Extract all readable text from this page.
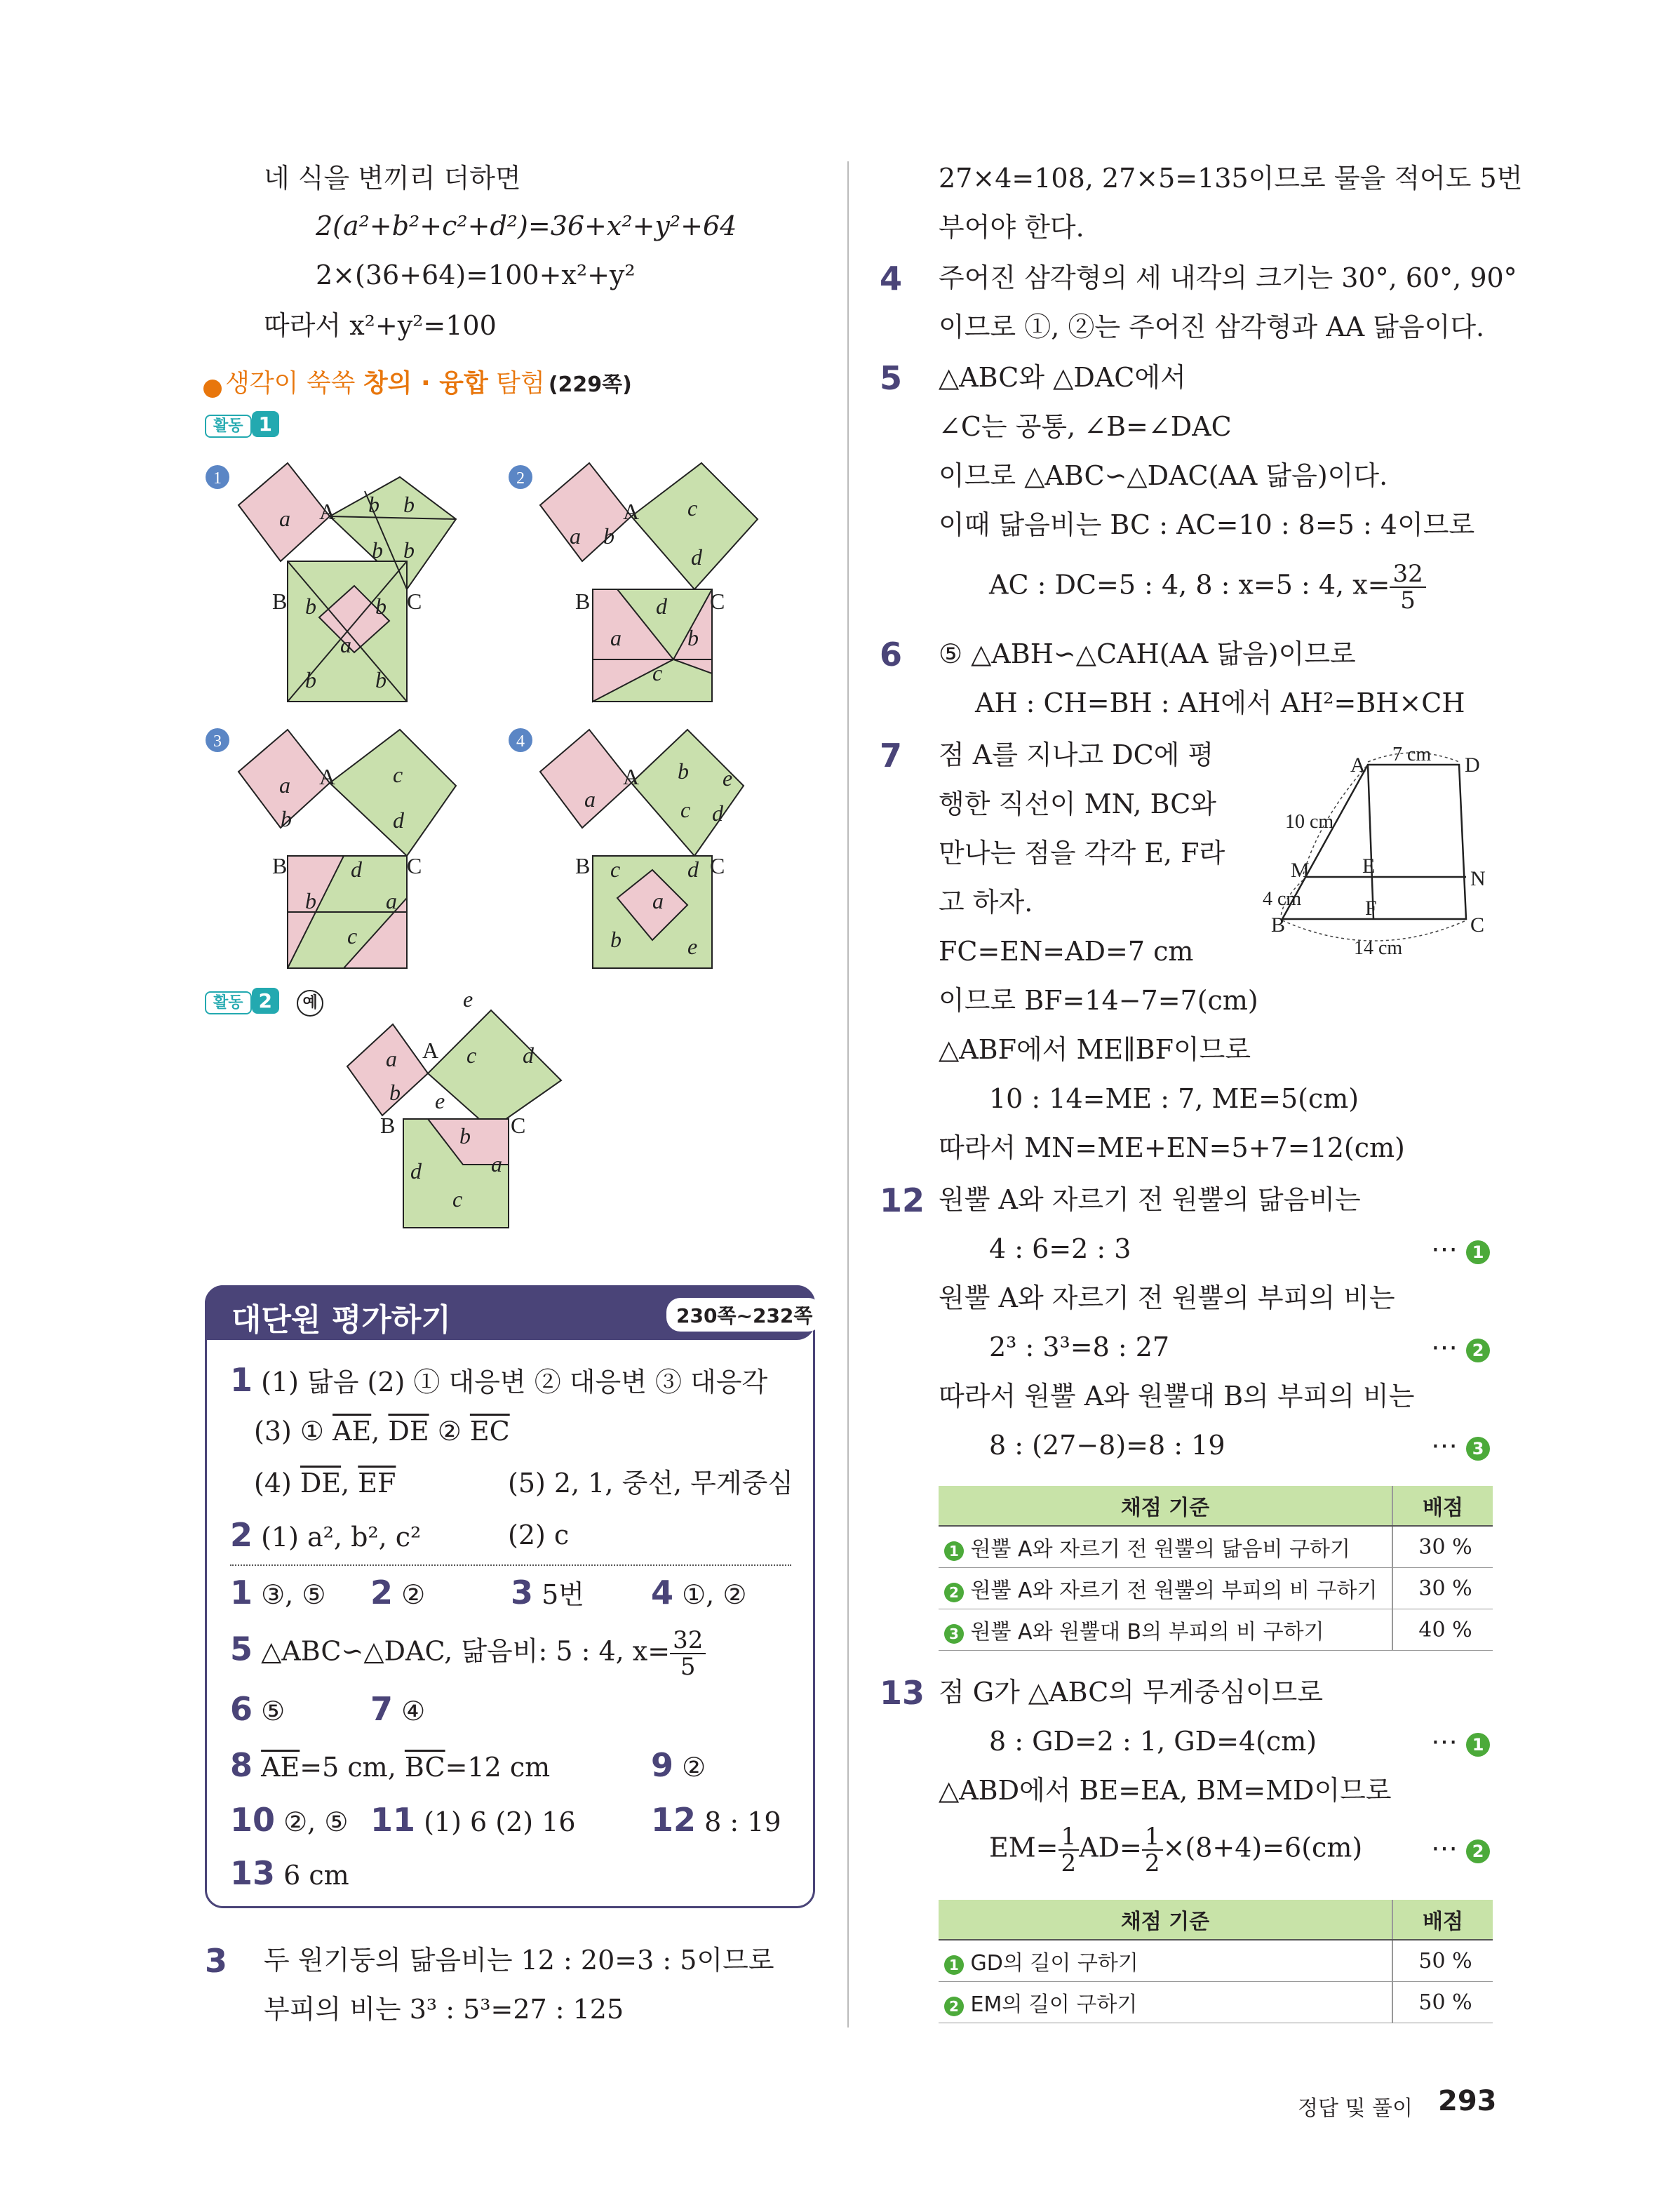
네 식을 변끼리 더하면
2(a²+b²+c²+d²)=36+x²+y²+64
2×(36+64)=100+x²+y²
따라서 x²+y²=100
생각이 쑥쑥 창의 · 융합 탐험 (229쪽)
활동 1
1	2
3	4
a A
B	C
b b
b b
b	b
a
b	b
a b
A
B	C
c
d
d
b
a
c
a
b
A
B	C
c
d
d
b	a
c
a
A
B	C
b e
c d
c	d
a
b	e
a
b
A
B	C
c d
e
e
b
a
d
c
활동 2 예
대단원 평가하기	230쪽~232쪽
1 (1) 닮음 (2) ① 대응변 ② 대응변 ③ 대응각
(3) ① $\overline{AE}$, $\overline{DE}$ ② $\overline{EC}$
(4) $\overline{DE}$, $\overline{EF}$	(5) 2, 1, 중선, 무게중심
2 (1) a², b², c²	(2) c
1 ③, ⑤ 2 ②	3 5번 4 ①, ②
5 △ABC∽△DAC, 닮음비: 5 : 4, $x= \frac{32}{5}$
6 ⑤	7 ④
8 $\overline{AE}=5$ cm, $\overline{BC}=12$ cm	9 ②
10 ②, ⑤ 11 (1) 6 (2) 16 12 8 : 19
13 6 cm
3 두 원기둥의 닮음비는 12 : 20=3 : 5이므로
부피의 비는 3³ : 5³=27 : 125
27×4=108, 27×5=135이므로 물을 적어도 5번
부어야 한다.
4 주어진 삼각형의 세 내각의 크기는 30°, 60°, 90°
이므로 ①, ②는 주어진 삼각형과 AA 닮음이다.
5 △ABC와 △DAC에서
∠C는 공통, ∠B=∠DAC
이므로 △ABC∽△DAC(AA 닮음)이다.
이때 닮음비는 BC : AC=10 : 8=5 : 4이므로
AC : DC=5 : 4, 8 : x=5 : 4, $x= \frac{32}{5}$
6 ⑤ △ABH∽△CAH(AA 닮음)이므로
AH : CH=BH : AH에서 AH²=BH×CH
7 점 A를 지나고 DC에 평
행한 직선이 MN, BC와
만나는 점을 각각 E, F라
고 하자.
FC=EN=AD=7 cm
이므로 BF=14−7=7(cm)
△ABF에서 ME∥BF이므로
10 : 14=ME : 7, ME=5(cm)
따라서 MN=ME+EN=5+7=12(cm)
A	D
M	E
N
B
F
C
7 cm
10 cm
4 cm
14 cm
12 원뿔 A와 자르기 전 원뿔의 닮음비는
4 : 6=2 : 3	⋯ 1
원뿔 A와 자르기 전 원뿔의 부피의 비는
2³ : 3³=8 : 27	⋯ 2
따라서 원뿔 A와 원뿔대 B의 부피의 비는
8 : (27−8)=8 : 19	⋯ 3
채점 기준	배점
1 원뿔 A와 자르기 전 원뿔의 닮음비 구하기	30 %
2 원뿔 A와 자르기 전 원뿔의 부피의 비 구하기	30 %
3 원뿔 A와 원뿔대 B의 부피의 비 구하기	40 %
13 점 G가 △ABC의 무게중심이므로
8 : GD=2 : 1, GD=4(cm)	⋯ 1
△ABD에서 BE=EA, BM=MD이므로
$EM= \frac{1}{2} AD= \frac{1}{2} \times(8+4)=6(cm)$	⋯ 2
채점 기준	배점
1 GD의 길이 구하기	50 %
2 EM의 길이 구하기	50 %
정답 및 풀이 293
